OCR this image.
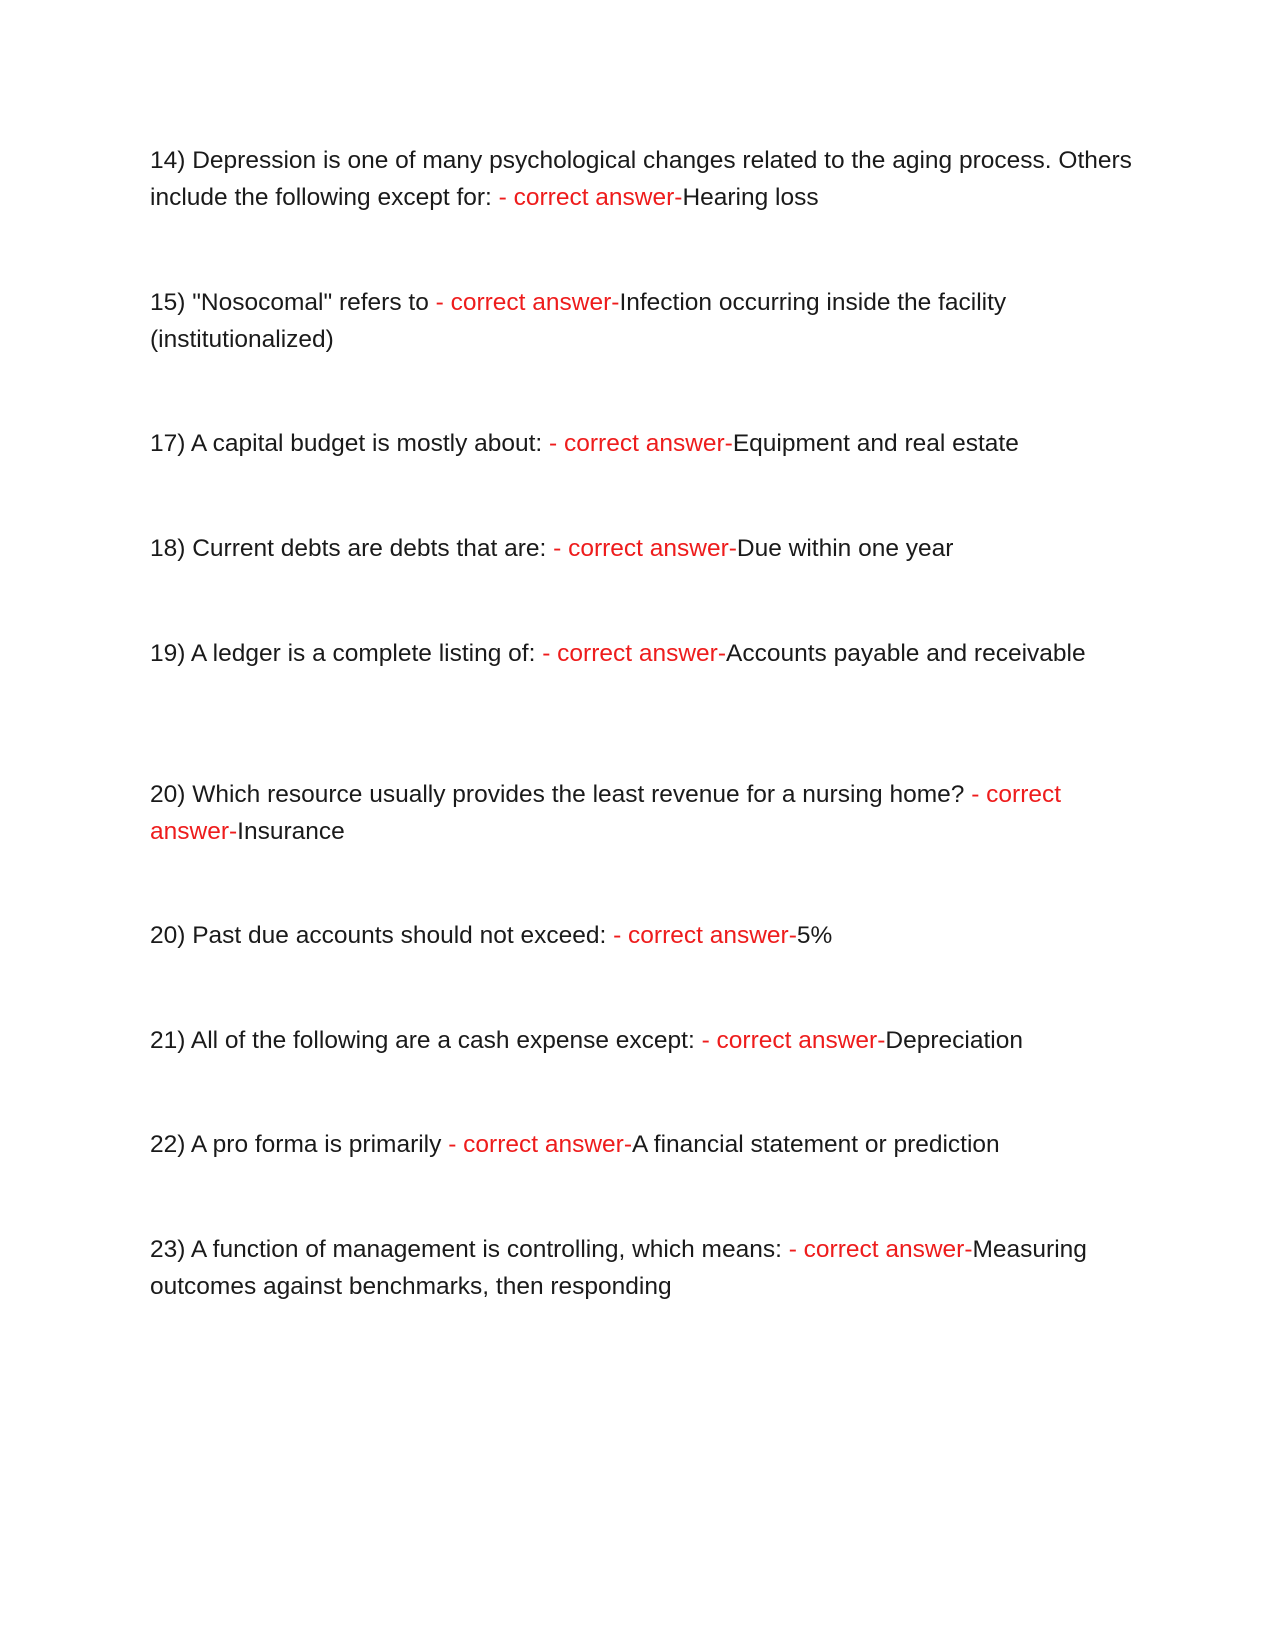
14) Depression is one of many psychological changes related to the aging process. Others include the following except for: - correct answer-Hearing loss

15) "Nosocomal" refers to - correct answer-Infection occurring inside the facility (institutionalized)

17) A capital budget is mostly about: - correct answer-Equipment and real estate

18) Current debts are debts that are: - correct answer-Due within one year

19) A ledger is a complete listing of: - correct answer-Accounts payable and receivable

20) Which resource usually provides the least revenue for a nursing home? - correct answer-Insurance

20) Past due accounts should not exceed: - correct answer-5%

21) All of the following are a cash expense except: - correct answer-Depreciation

22) A pro forma is primarily - correct answer-A financial statement or prediction

23) A function of management is controlling, which means: - correct answer-Measuring outcomes against benchmarks, then responding
